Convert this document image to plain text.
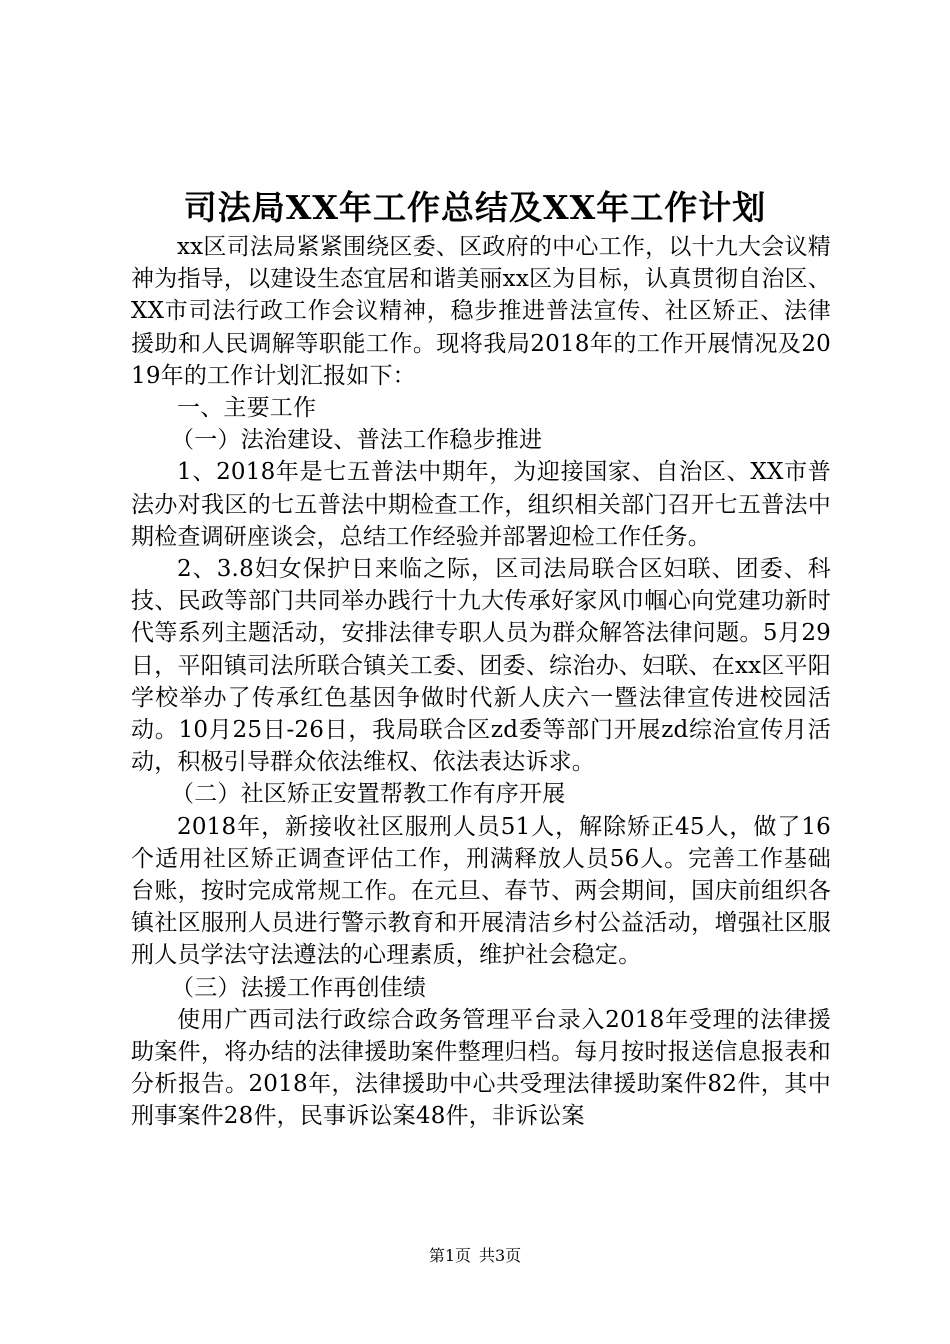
司法局XX年工作总结及XX年工作计划

xx区司法局紧紧围绕区委、区政府的中心工作，以十九大会议精神为指导，以建设生态宜居和谐美丽xx区为目标，认真贯彻自治区、XX市司法行政工作会议精神，稳步推进普法宣传、社区矫正、法律援助和人民调解等职能工作。现将我局2018年的工作开展情况及2019年的工作计划汇报如下：

一、主要工作

（一）法治建设、普法工作稳步推进

1、2018年是七五普法中期年，为迎接国家、自治区、XX市普法办对我区的七五普法中期检查工作，组织相关部门召开七五普法中期检查调研座谈会，总结工作经验并部署迎检工作任务。

2、3.8妇女保护日来临之际，区司法局联合区妇联、团委、科技、民政等部门共同举办践行十九大传承好家风巾帼心向党建功新时代等系列主题活动，安排法律专职人员为群众解答法律问题。5月29日，平阳镇司法所联合镇关工委、团委、综治办、妇联、在xx区平阳学校举办了传承红色基因争做时代新人庆六一暨法律宣传进校园活动。10月25日-26日，我局联合区zd委等部门开展zd综治宣传月活动，积极引导群众依法维权、依法表达诉求。

（二）社区矫正安置帮教工作有序开展

2018年，新接收社区服刑人员51人，解除矫正45人，做了16个适用社区矫正调查评估工作，刑满释放人员56人。完善工作基础台账，按时完成常规工作。在元旦、春节、两会期间，国庆前组织各镇社区服刑人员进行警示教育和开展清洁乡村公益活动，增强社区服刑人员学法守法遵法的心理素质，维护社会稳定。

（三）法援工作再创佳绩

使用广西司法行政综合政务管理平台录入2018年受理的法律援助案件，将办结的法律援助案件整理归档。每月按时报送信息报表和分析报告。2018年，法律援助中心共受理法律援助案件82件，其中刑事案件28件，民事诉讼案48件，非诉讼案

第1页 共3页
